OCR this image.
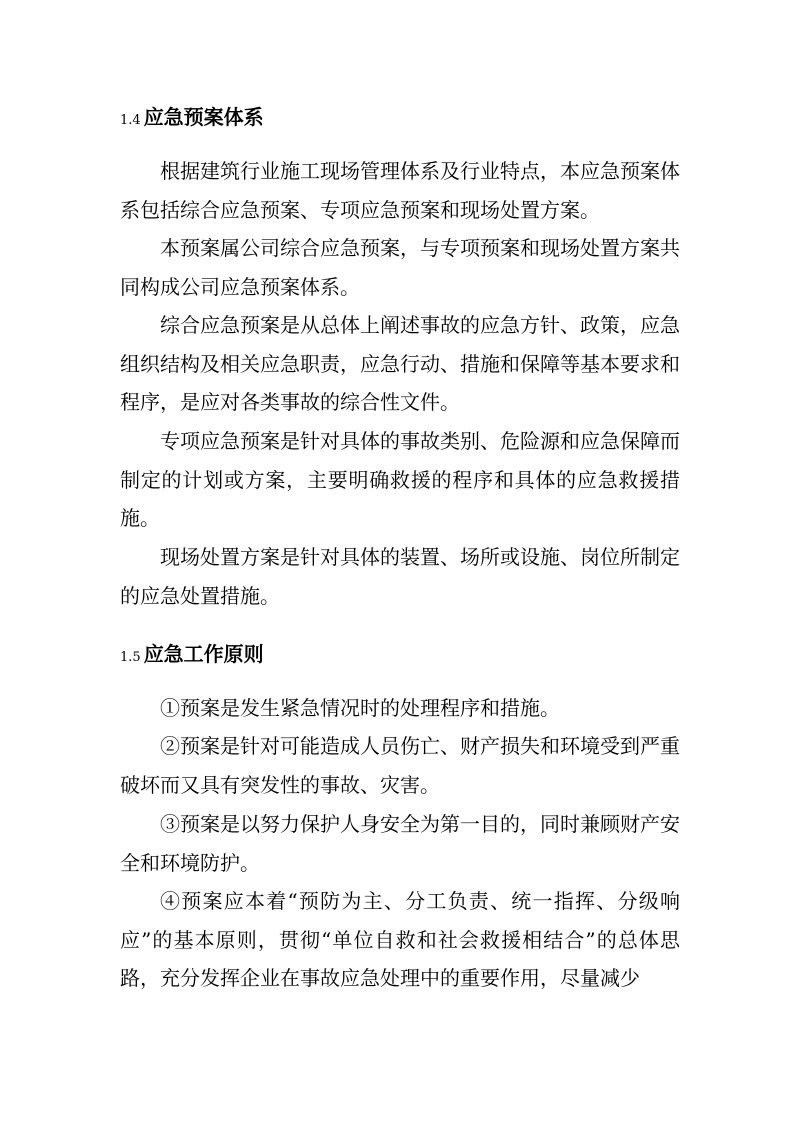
1.4 应急预案体系

根据建筑行业施工现场管理体系及行业特点，本应急预案体系包括综合应急预案、专项应急预案和现场处置方案。

本预案属公司综合应急预案，与专项预案和现场处置方案共同构成公司应急预案体系。

综合应急预案是从总体上阐述事故的应急方针、政策，应急组织结构及相关应急职责，应急行动、措施和保障等基本要求和程序，是应对各类事故的综合性文件。

专项应急预案是针对具体的事故类别、危险源和应急保障而制定的计划或方案，主要明确救援的程序和具体的应急救援措施。

现场处置方案是针对具体的装置、场所或设施、岗位所制定的应急处置措施。

1.5 应急工作原则

①预案是发生紧急情况时的处理程序和措施。

②预案是针对可能造成人员伤亡、财产损失和环境受到严重破坏而又具有突发性的事故、灾害。

③预案是以努力保护人身安全为第一目的，同时兼顾财产安全和环境防护。

④预案应本着“预防为主、分工负责、统一指挥、分级响应”的基本原则，贯彻“单位自救和社会救援相结合”的总体思路，充分发挥企业在事故应急处理中的重要作用，尽量减少
